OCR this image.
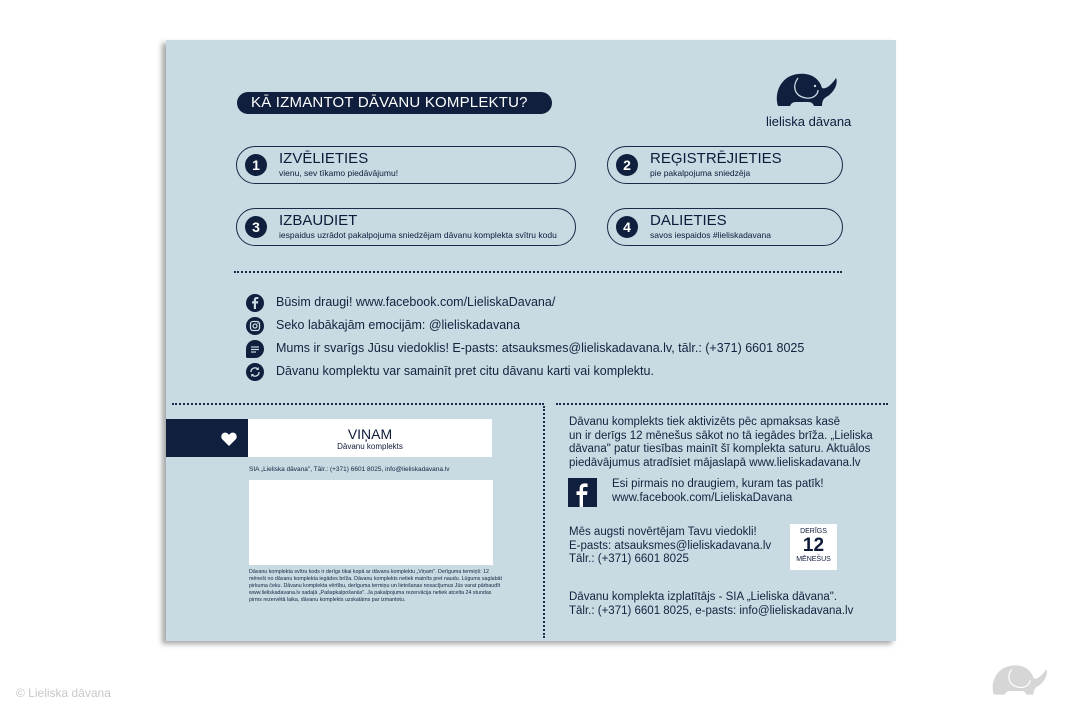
KĀ IZMANTOT DĀVANU KOMPLEKTU?
lieliska dāvana
1	IZVĒLIETIES
vienu, sev tīkamo piedāvājumu!	2	REĢISTRĒJIETIES
pie pakalpojuma sniedzēja
3	IZBAUDIET
iespaidus uzrādot pakalpojuma sniedzējam dāvanu komplekta svītru kodu	4	DALIETIES
savos iespaidos #lieliskadavana
Būsim draugi! www.facebook.com/LieliskaDavana/
Seko labākajām emocijām: @lieliskadavana
Mums ir svarīgs Jūsu viedoklis! E-pasts: atsauksmes@lieliskadavana.lv, tālr.: (+371) 6601 8025
Dāvanu komplektu var samainīt pret citu dāvanu karti vai komplektu.
VIŅAM
Dāvanu komplekts
SIA „Lieliska dāvana", Tālr.: (+371) 6601 8025, info@lieliskadavana.lv
Dāvanu komplekta svītru kods ir derīgs tikai kopā ar dāvanu komplektu „Viņam". Derīguma termiņš: 12 mēneši no dāvanu komplekta iegādes brīža. Dāvanu komplekts netiek mainīts pret naudu. Lūgums saglabāt pirkuma čeku. Dāvanu komplekta vērtību, derīguma termiņu un lietošanas nosacījumus Jūs varat pārbaudīt www.lieliskadavana.lv sadaļā „Pašapkalpošanās". Ja pakalpojuma rezervācija netiek atcelta 24 stundas pirms rezervētā laika, dāvanu komplekts uzskatāms par izmantotu.
Dāvanu komplekts tiek aktivizēts pēc apmaksas kasē
un ir derīgs 12 mēnešus sākot no tā iegādes brīža. „Lieliska
dāvana" patur tiesības mainīt šī komplekta saturu. Aktuālos
piedāvājumus atradīsiet mājaslapā www.lieliskadavana.lv
Esi pirmais no draugiem, kuram tas patīk!
www.facebook.com/LieliskaDavana
Mēs augsti novērtējam Tavu viedokli!
E-pasts: atsauksmes@lieliskadavana.lv
Tālr.: (+371) 6601 8025
DERĪGS
12
MĒNEŠUS
Dāvanu komplekta izplatītājs - SIA „Lieliska dāvana".
Tālr.: (+371) 6601 8025, e-pasts: info@lieliskadavana.lv
© Lieliska dāvana
